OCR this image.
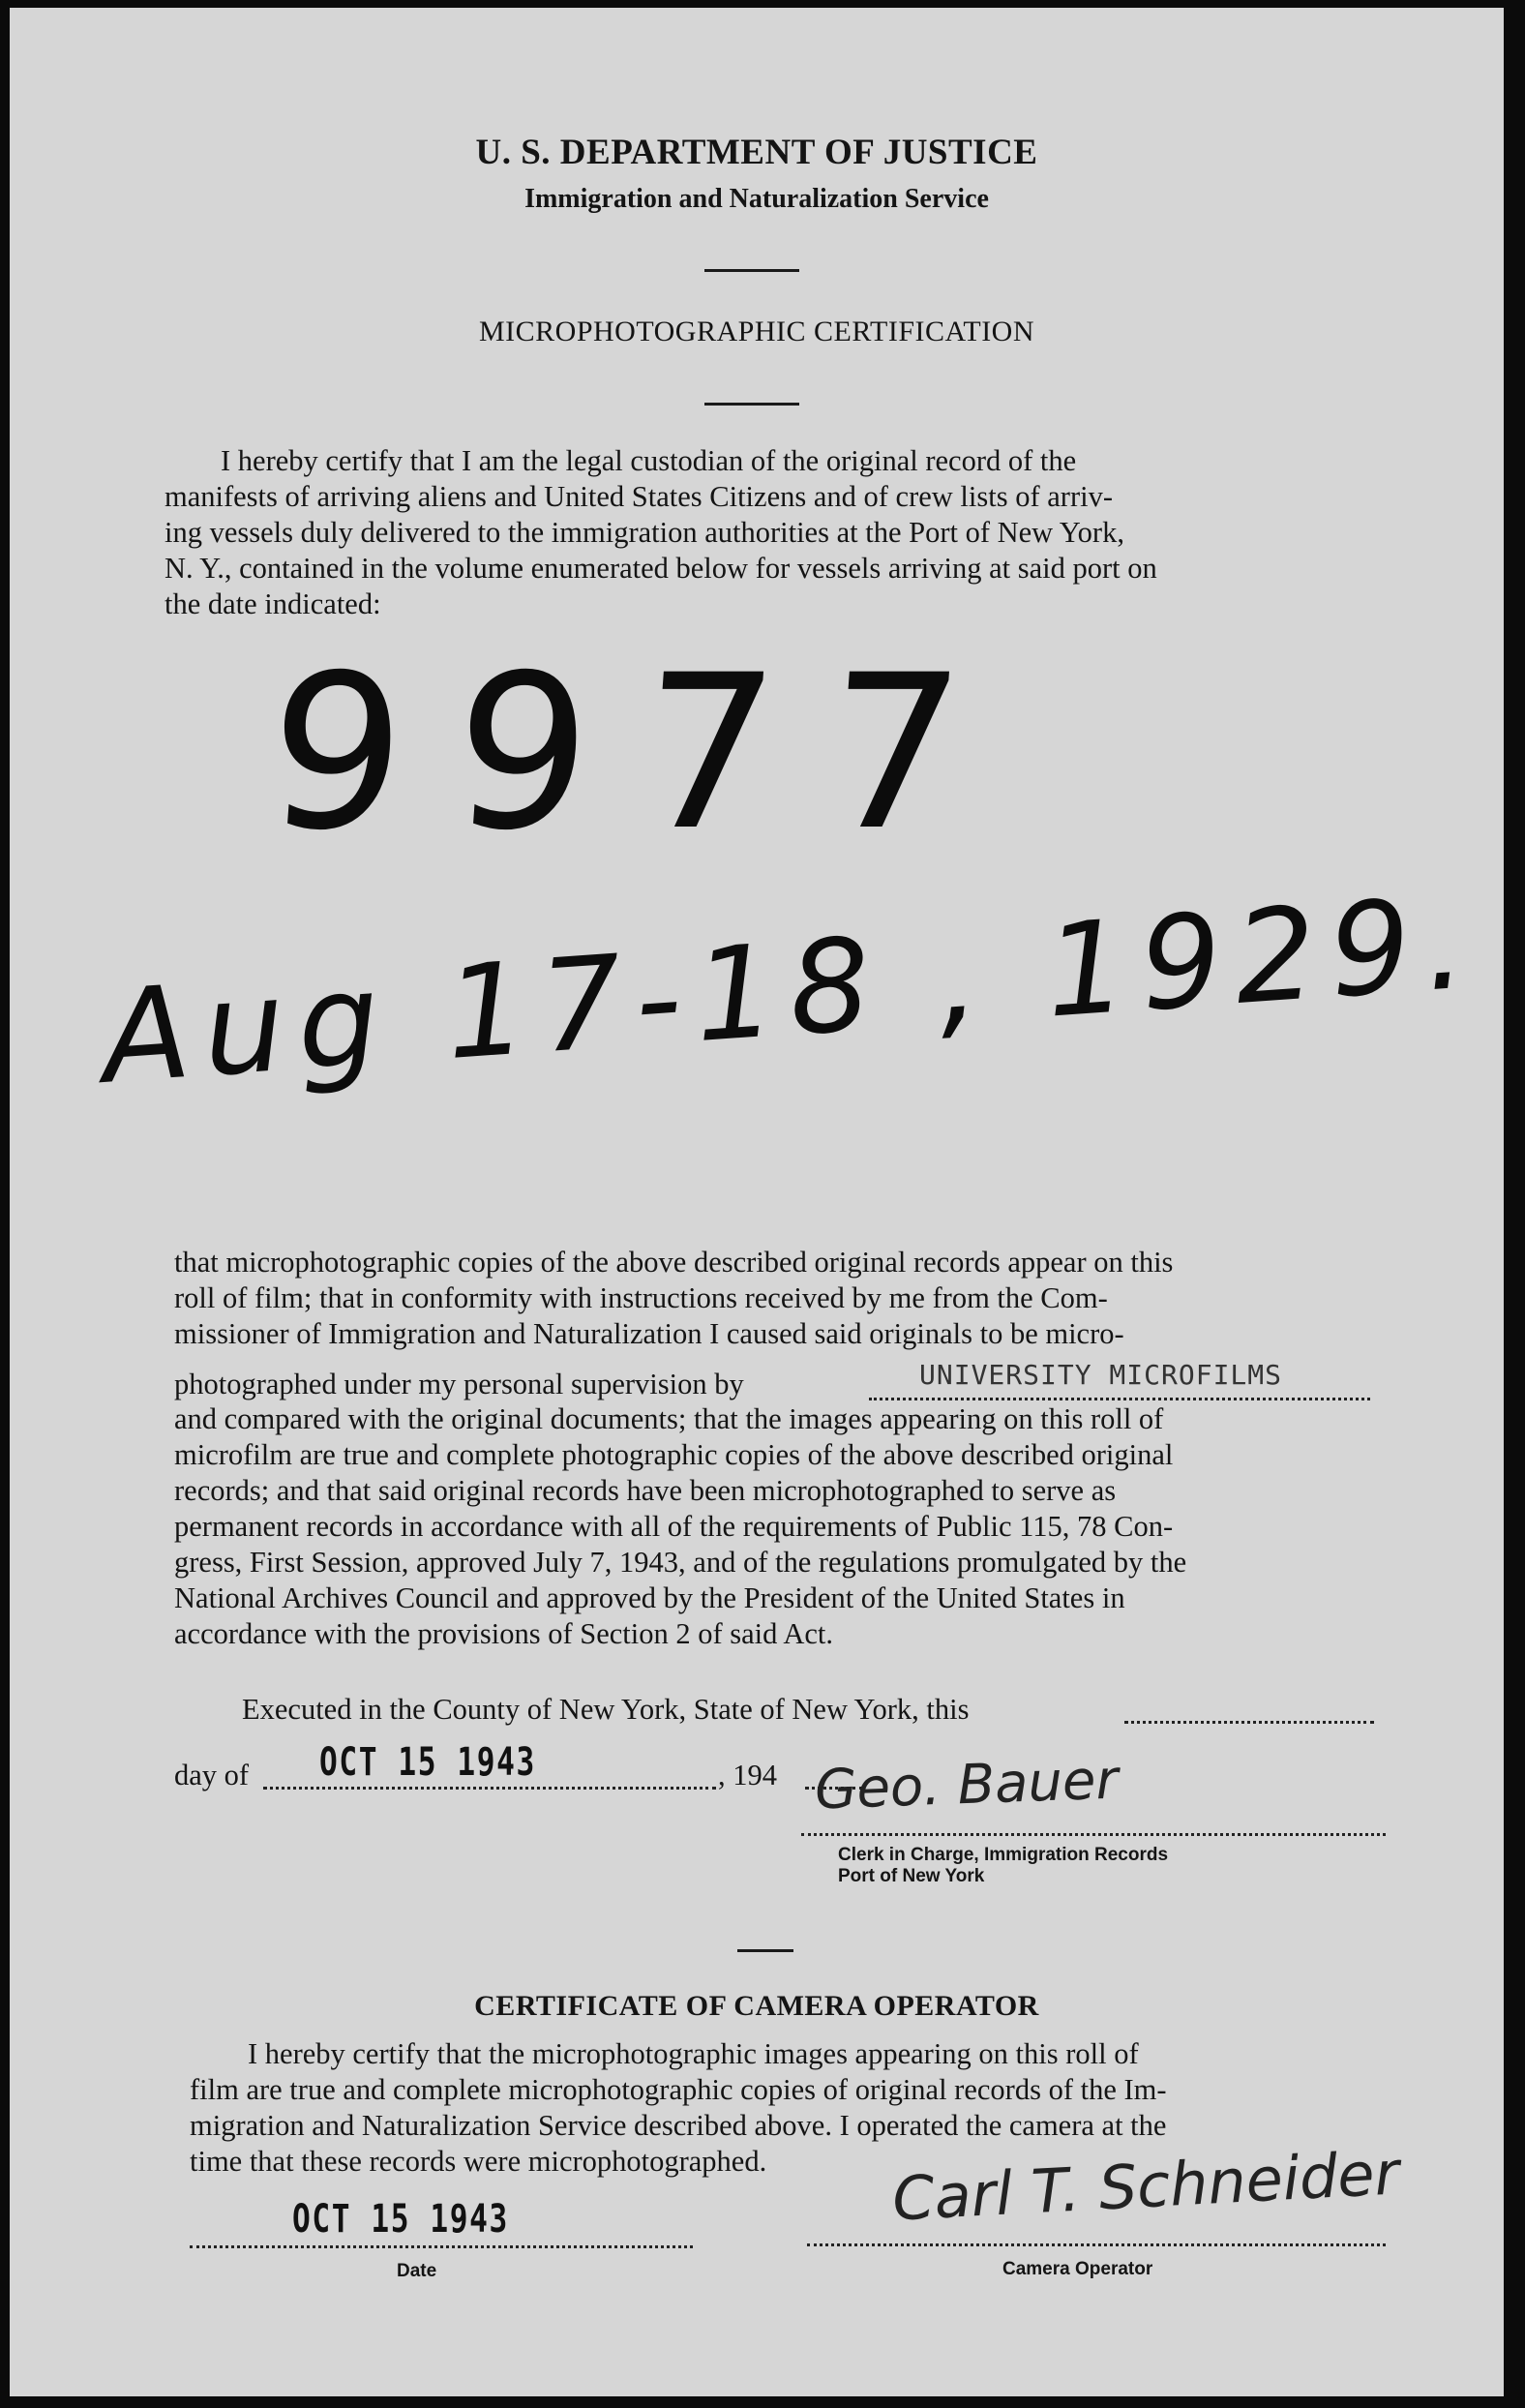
U. S. DEPARTMENT OF JUSTICE
Immigration and Naturalization Service
MICROPHOTOGRAPHIC CERTIFICATION
I hereby certify that I am the legal custodian of the original record of the
manifests of arriving aliens and United States Citizens and of crew lists of arriv-
ing vessels duly delivered to the immigration authorities at the Port of New York,
N. Y., contained in the volume enumerated below for vessels arriving at said port on
the date indicated:
9977
Aug 17-18 , 1929.
that microphotographic copies of the above described original records appear on this
roll of film; that in conformity with instructions received by me from the Com-
missioner of Immigration and Naturalization I caused said originals to be micro-
photographed under my personal supervision by	UNIVERSITY MICROFILMS
and compared with the original documents; that the images appearing on this roll of
microfilm are true and complete photographic copies of the above described original
records; and that said original records have been microphotographed to serve as
permanent records in accordance with all of the requirements of Public 115, 78 Con-
gress, First Session, approved July 7, 1943, and of the regulations promulgated by the
National Archives Council and approved by the President of the United States in
accordance with the provisions of Section 2 of said Act.
Executed in the County of New York, State of New York, this
day of OCT 15 1943	, 194 Geo. Bauer
Clerk in Charge, Immigration Records
Port of New York
CERTIFICATE OF CAMERA OPERATOR
I hereby certify that the microphotographic images appearing on this roll of
film are true and complete microphotographic copies of original records of the Im-
migration and Naturalization Service described above. I operated the camera at the
time that these records were microphotographed.
OCT 15 1943
Date
Carl T. Schneider
Camera Operator
